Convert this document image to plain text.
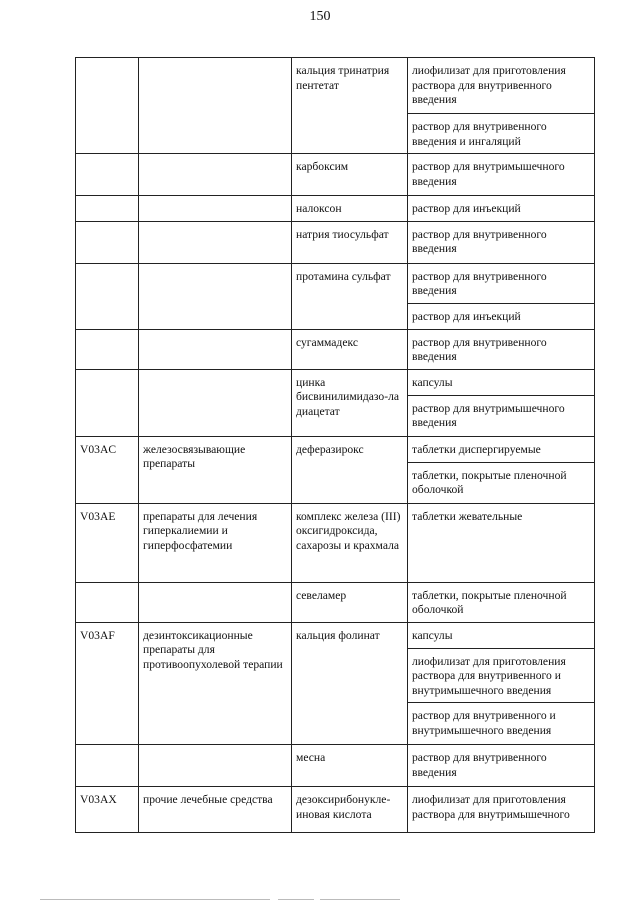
150
		кальция тринатрия пентетат	лиофилизат для приготовления раствора для внутривенного введения
			раствор для внутривенного введения и ингаляций
		карбоксим	раствор для внутримышечного введения
		налоксон	раствор для инъекций
		натрия тиосульфат	раствор для внутривенного введения
		протамина сульфат	раствор для внутривенного введения
			раствор для инъекций
		сугаммадекс	раствор для внутривенного введения
		цинка бисвинилимидазо-ла диацетат	капсулы
			раствор для внутримышечного введения
V03AC	железосвязывающие препараты	деферазирокс	таблетки диспергируемые
			таблетки, покрытые пленочной оболочкой
V03AE	препараты для лечения гиперкалиемии и гиперфосфатемии	комплекс железа (III) оксигидроксида, сахарозы и крахмала	таблетки жевательные
		севеламер	таблетки, покрытые пленочной оболочкой
V03AF	дезинтоксикационные препараты для противоопухолевой терапии	кальция фолинат	капсулы
			лиофилизат для приготовления раствора для внутривенного и внутримышечного введения
			раствор для внутривенного и внутримышечного введения
		месна	раствор для внутривенного введения
V03AX	прочие лечебные средства	дезоксирибонукле-иновая кислота	лиофилизат для приготовления раствора для внутримышечного
